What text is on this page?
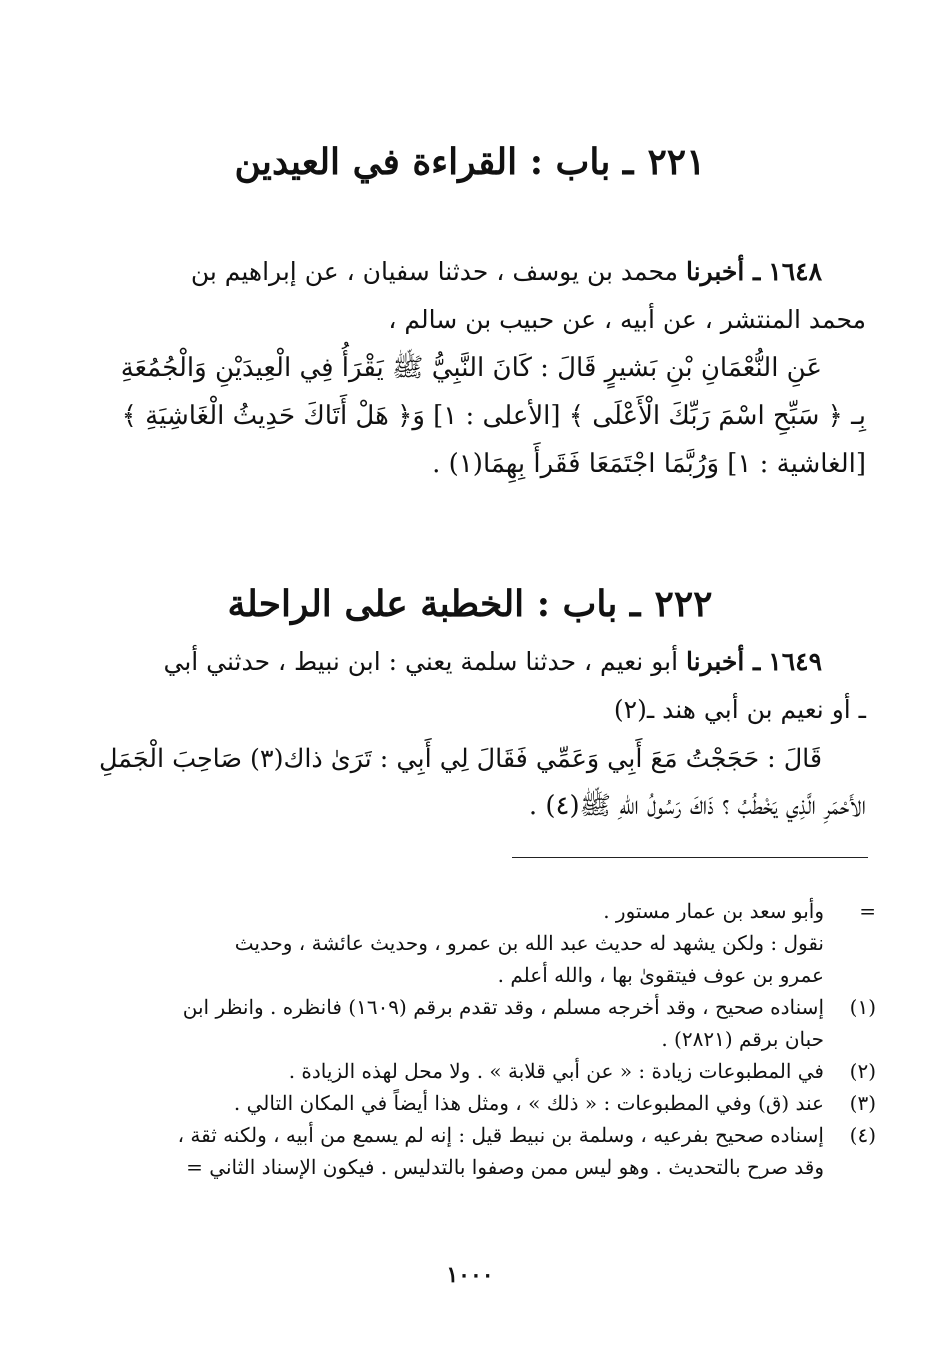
٢٢١ـ باب : القراءة في العيدين
١٦٤٨ ـ أخبرنا محمد بن يوسف ، حدثنا سفيان ، عن إبراهيم بن
محمد المنتشر ، عن أبيه ، عن حبيب بن سالم ،
عَنِ النُّعْمَانِ بْنِ بَشيرٍ قَالَ : كَانَ النَّبِيُّ ﷺ يَقْرَأُ فِي الْعِيدَيْنِ وَالْجُمُعَةِ
بِـ ﴿ سَبِّحِ اسْمَ رَبِّكَ الْأَعْلَى ﴾ [الأعلى : ١] وَ﴿ هَلْ أَتَاكَ حَدِيثُ الْغَاشِيَةِ ﴾
[الغاشية : ١] وَرُبَّمَا اجْتَمَعَا فَقَرأَ بِهِمَا(١) .
٢٢٢ـ باب : الخطبة على الراحلة
١٦٤٩ ـ أخبرنا أبو نعيم ، حدثنا سلمة يعني : ابن نبيط ، حدثني أبي
ـ أو نعيم بن أبي هند ـ(٢)
قَالَ : حَجَجْتُ مَعَ أَبِي وَعَمِّي فَقَالَ لِي أَبِي : تَرَىٰ ذاك(٣) صَاحِبَ الْجَمَلِ
الأَحْمَرِ الَّذِي يَخْطُبُ ؟ ذَاكَ رَسُولُ اللهِ ﷺ(٤) .
=
وأبو سعد بن عمار مستور .
نقول : ولكن يشهد له حديث عبد الله بن عمرو ، وحديث عائشة ، وحديث
عمرو بن عوف فيتقوىٰ بها ، والله أعلم .
(١)
إسناده صحيح ، وقد أخرجه مسلم ، وقد تقدم برقم (١٦٠٩) فانظره . وانظر ابن
حبان برقم (٢٨٢١) .
(٢)
في المطبوعات زيادة : « عن أبي قلابة » . ولا محل لهذه الزيادة .
(٣)
عند (ق) وفي المطبوعات : « ذلك » ، ومثل هذا أيضاً في المكان التالي .
(٤)
إسناده صحيح بفرعيه ، وسلمة بن نبيط قيل : إنه لم يسمع من أبيه ، ولكنه ثقة ،
وقد صرح بالتحديث . وهو ليس ممن وصفوا بالتدليس . فيكون الإسناد الثاني =
١٠٠٠
